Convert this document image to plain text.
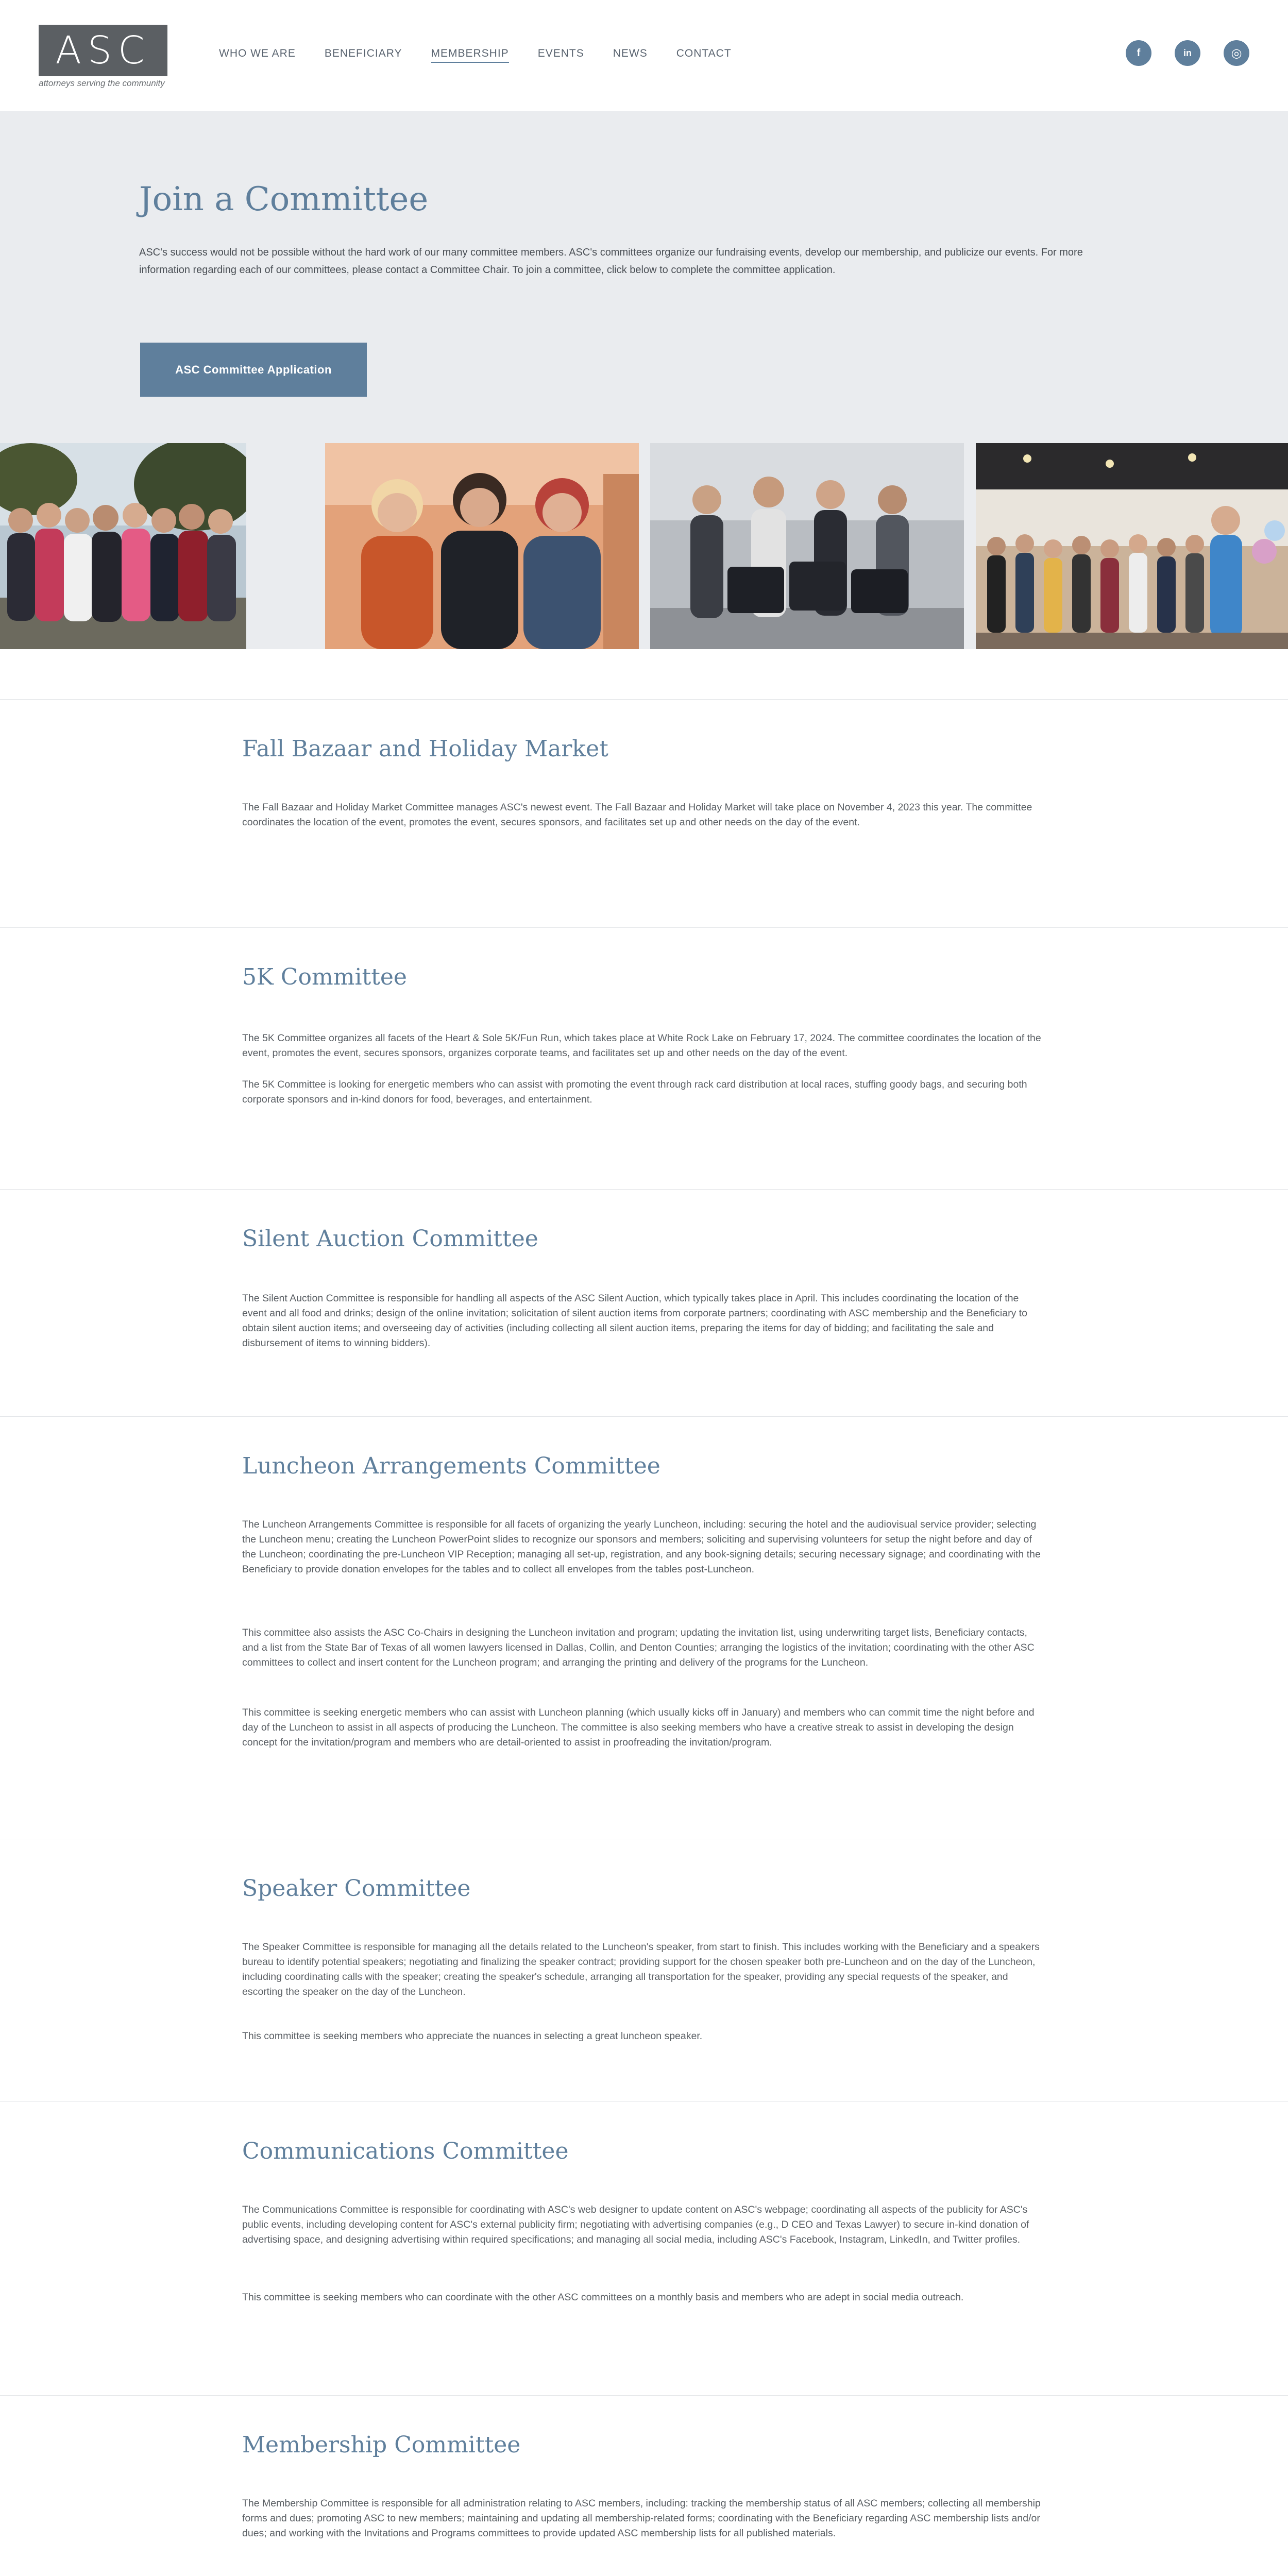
ASC
attorneys serving the community
WHO WE ARE	BENEFICIARY	MEMBERSHIP	EVENTS	NEWS	CONTACT	f	in	◎
Join a Committee

ASC's success would not be possible without the hard work of our many committee members. ASC's committees organize our fundraising events, develop our membership, and publicize our events. For more information regarding each of our committees, please contact a Committee Chair. To join a committee, click below to complete the committee application.

ASC Committee Application
Fall Bazaar and Holiday Market

The Fall Bazaar and Holiday Market Committee manages ASC's newest event. The Fall Bazaar and Holiday Market will take place on November 4, 2023 this year. The committee coordinates the location of the event, promotes the event, secures sponsors, and facilitates set up and other needs on the day of the event.

5K Committee

The 5K Committee organizes all facets of the Heart & Sole 5K/Fun Run, which takes place at White Rock Lake on February 17, 2024. The committee coordinates the location of the event, promotes the event, secures sponsors, organizes corporate teams, and facilitates set up and other needs on the day of the event.

The 5K Committee is looking for energetic members who can assist with promoting the event through rack card distribution at local races, stuffing goody bags, and securing both corporate sponsors and in-kind donors for food, beverages, and entertainment.

Silent Auction Committee

The Silent Auction Committee is responsible for handling all aspects of the ASC Silent Auction, which typically takes place in April. This includes coordinating the location of the event and all food and drinks; design of the online invitation; solicitation of silent auction items from corporate partners; coordinating with ASC membership and the Beneficiary to obtain silent auction items; and overseeing day of activities (including collecting all silent auction items, preparing the items for day of bidding; and facilitating the sale and disbursement of items to winning bidders).

Luncheon Arrangements Committee

The Luncheon Arrangements Committee is responsible for all facets of organizing the yearly Luncheon, including: securing the hotel and the audiovisual service provider; selecting the Luncheon menu; creating the Luncheon PowerPoint slides to recognize our sponsors and members; soliciting and supervising volunteers for setup the night before and day of the Luncheon; coordinating the pre-Luncheon VIP Reception; managing all set-up, registration, and any book-signing details; securing necessary signage; and coordinating with the Beneficiary to provide donation envelopes for the tables and to collect all envelopes from the tables post-Luncheon.

This committee also assists the ASC Co-Chairs in designing the Luncheon invitation and program; updating the invitation list, using underwriting target lists, Beneficiary contacts, and a list from the State Bar of Texas of all women lawyers licensed in Dallas, Collin, and Denton Counties; arranging the logistics of the invitation; coordinating with the other ASC committees to collect and insert content for the Luncheon program; and arranging the printing and delivery of the programs for the Luncheon.

This committee is seeking energetic members who can assist with Luncheon planning (which usually kicks off in January) and members who can commit time the night before and day of the Luncheon to assist in all aspects of producing the Luncheon. The committee is also seeking members who have a creative streak to assist in developing the design concept for the invitation/program and members who are detail-oriented to assist in proofreading the invitation/program.

Speaker Committee

The Speaker Committee is responsible for managing all the details related to the Luncheon's speaker, from start to finish. This includes working with the Beneficiary and a speakers bureau to identify potential speakers; negotiating and finalizing the speaker contract; providing support for the chosen speaker both pre-Luncheon and on the day of the Luncheon, including coordinating calls with the speaker; creating the speaker's schedule, arranging all transportation for the speaker, providing any special requests of the speaker, and escorting the speaker on the day of the Luncheon.

This committee is seeking members who appreciate the nuances in selecting a great luncheon speaker.

Communications Committee

The Communications Committee is responsible for coordinating with ASC's web designer to update content on ASC's webpage; coordinating all aspects of the publicity for ASC's public events, including developing content for ASC's external publicity firm; negotiating with advertising companies (e.g., D CEO and Texas Lawyer) to secure in-kind donation of advertising space, and designing advertising within required specifications; and managing all social media, including ASC's Facebook, Instagram, LinkedIn, and Twitter profiles.

This committee is seeking members who can coordinate with the other ASC committees on a monthly basis and members who are adept in social media outreach.

Membership Committee

The Membership Committee is responsible for all administration relating to ASC members, including: tracking the membership status of all ASC members; collecting all membership forms and dues; promoting ASC to new members; maintaining and updating all membership-related forms; coordinating with the Beneficiary regarding ASC membership lists and/or dues; and working with the Invitations and Programs committees to provide updated ASC membership lists for all published materials.
